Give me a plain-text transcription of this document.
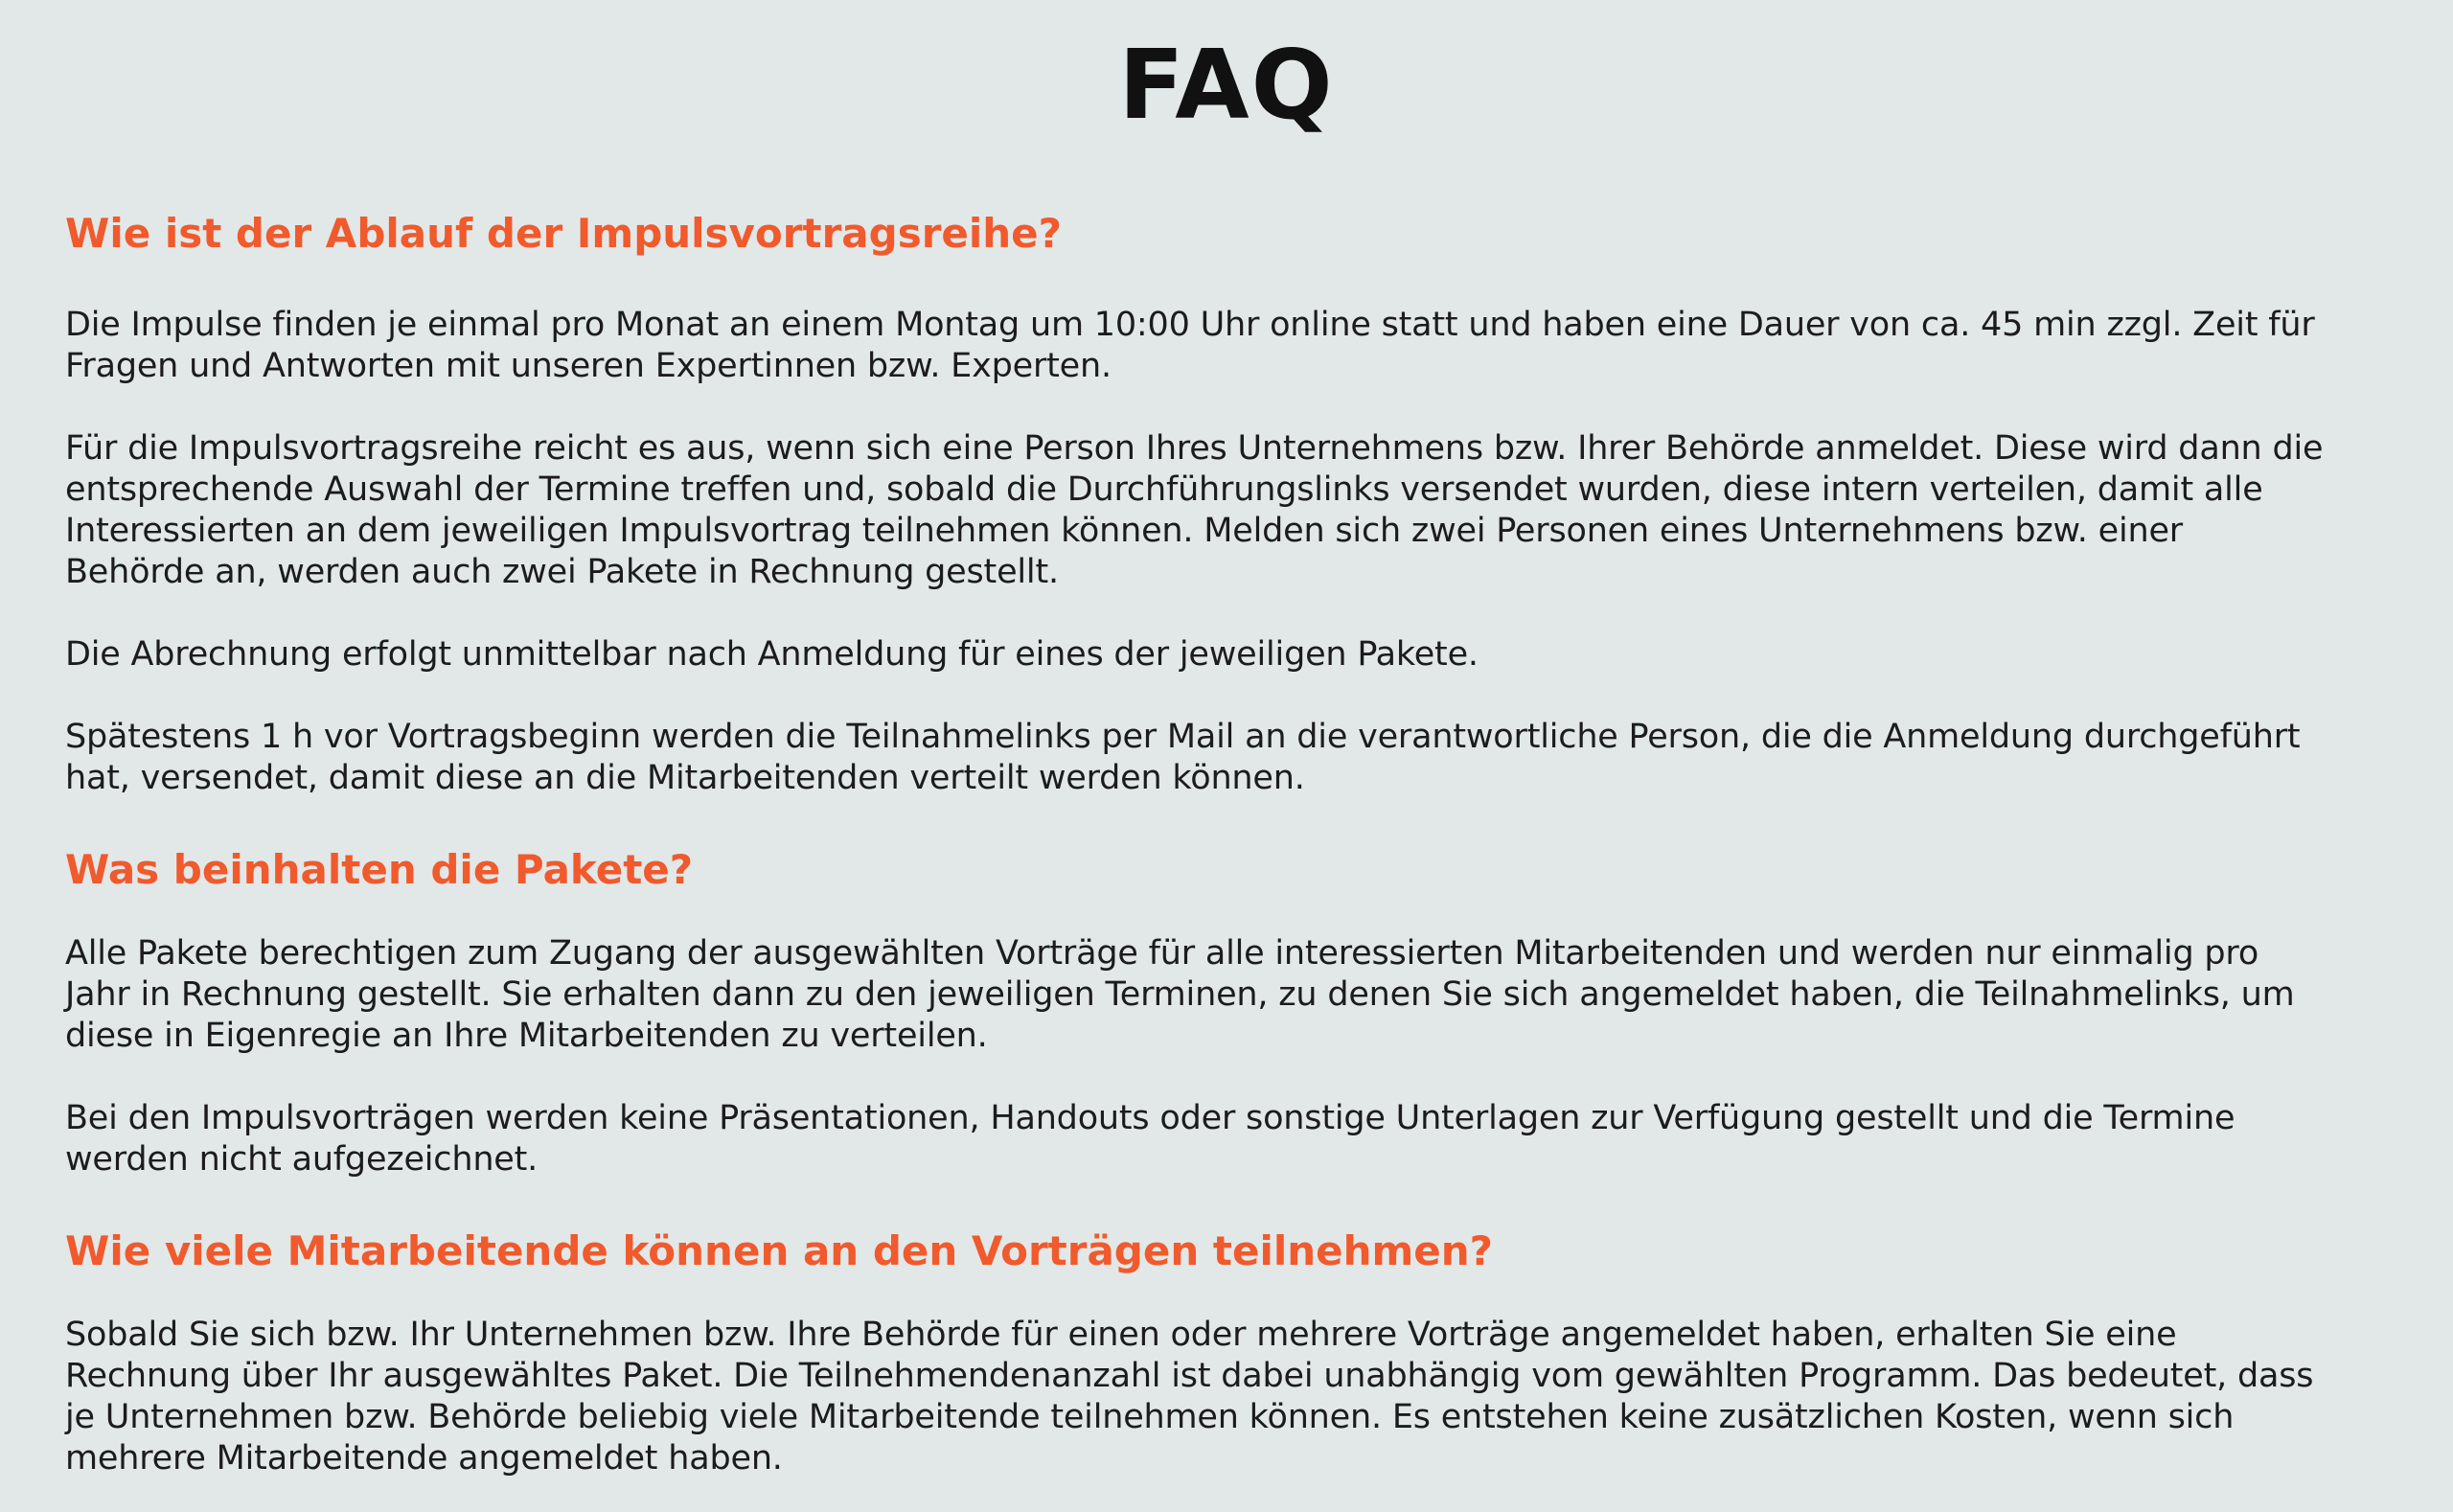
FAQ
Wie ist der Ablauf der Impulsvortragsreihe?

Die Impulse finden je einmal pro Monat an einem Montag um 10:00 Uhr online statt und haben eine Dauer von ca. 45 min zzgl. Zeit für

Fragen und Antworten mit unseren Expertinnen bzw. Experten.

Für die Impulsvortragsreihe reicht es aus, wenn sich eine Person Ihres Unternehmens bzw. Ihrer Behörde anmeldet. Diese wird dann die

entsprechende Auswahl der Termine treffen und, sobald die Durchführungslinks versendet wurden, diese intern verteilen, damit alle

Interessierten an dem jeweiligen Impulsvortrag teilnehmen können. Melden sich zwei Personen eines Unternehmens bzw. einer

Behörde an, werden auch zwei Pakete in Rechnung gestellt.

Die Abrechnung erfolgt unmittelbar nach Anmeldung für eines der jeweiligen Pakete.

Spätestens 1 h vor Vortragsbeginn werden die Teilnahmelinks per Mail an die verantwortliche Person, die die Anmeldung durchgeführt

hat, versendet, damit diese an die Mitarbeitenden verteilt werden können.

Was beinhalten die Pakete?

Alle Pakete berechtigen zum Zugang der ausgewählten Vorträge für alle interessierten Mitarbeitenden und werden nur einmalig pro

Jahr in Rechnung gestellt. Sie erhalten dann zu den jeweiligen Terminen, zu denen Sie sich angemeldet haben, die Teilnahmelinks, um

diese in Eigenregie an Ihre Mitarbeitenden zu verteilen.

Bei den Impulsvorträgen werden keine Präsentationen, Handouts oder sonstige Unterlagen zur Verfügung gestellt und die Termine

werden nicht aufgezeichnet.

Wie viele Mitarbeitende können an den Vorträgen teilnehmen?

Sobald Sie sich bzw. Ihr Unternehmen bzw. Ihre Behörde für einen oder mehrere Vorträge angemeldet haben, erhalten Sie eine

Rechnung über Ihr ausgewähltes Paket. Die Teilnehmendenanzahl ist dabei unabhängig vom gewählten Programm. Das bedeutet, dass

je Unternehmen bzw. Behörde beliebig viele Mitarbeitende teilnehmen können. Es entstehen keine zusätzlichen Kosten, wenn sich

mehrere Mitarbeitende angemeldet haben.
